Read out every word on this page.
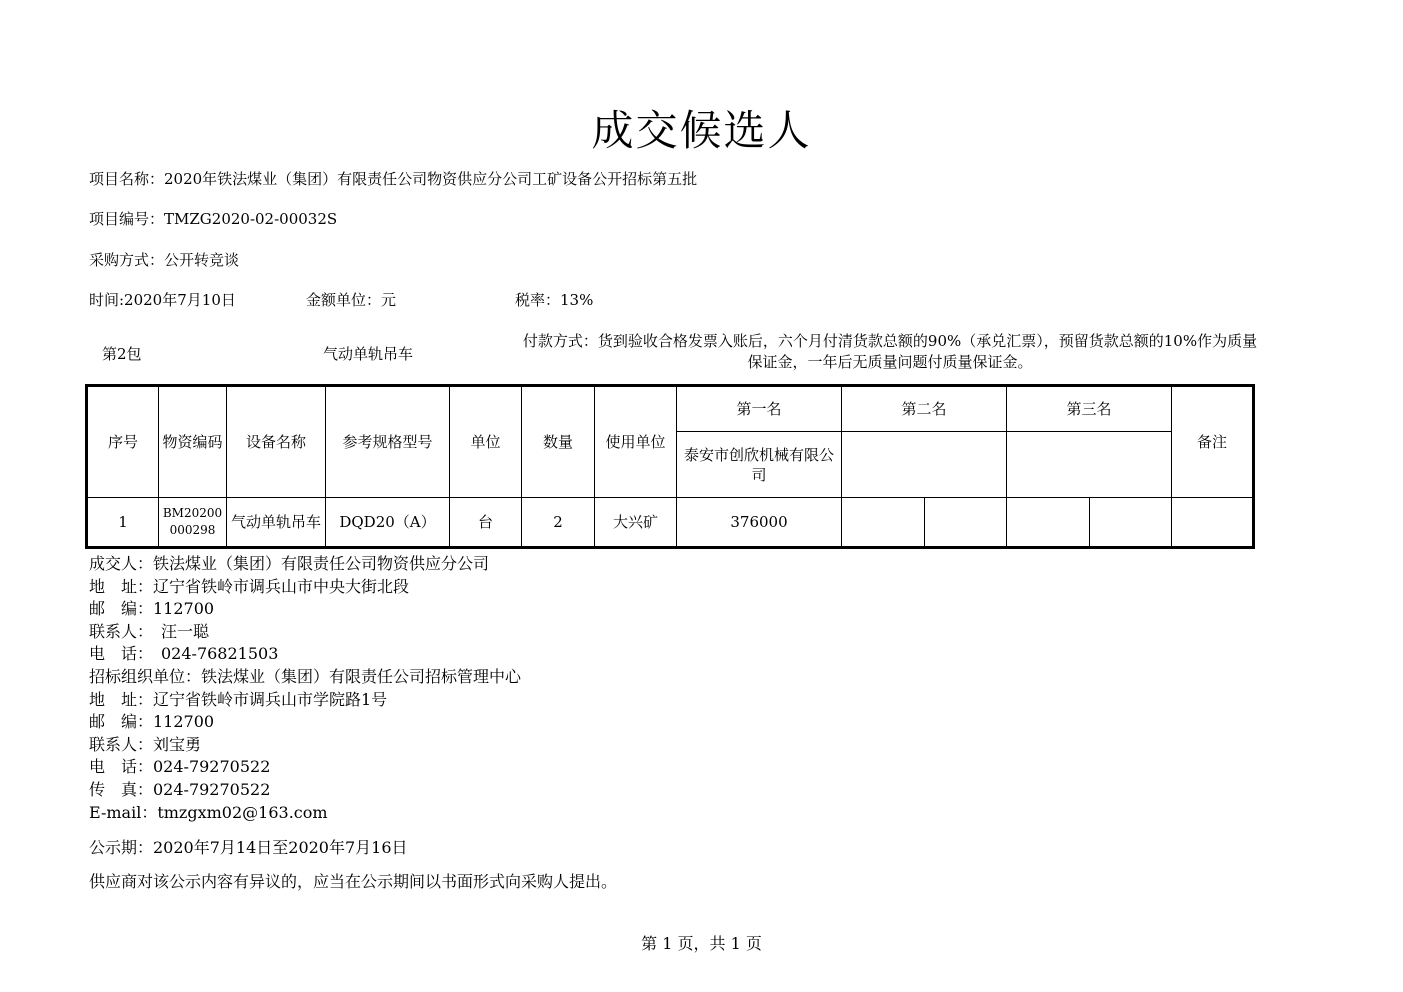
成交候选人
项目名称：2020年铁法煤业（集团）有限责任公司物资供应分公司工矿设备公开招标第五批
项目编号：TMZG2020-02-00032S
采购方式：公开转竞谈
时间:2020年7月10日	金额单位：元	税率：13%
第2包	气动单轨吊车
付款方式：货到验收合格发票入账后，六个月付清货款总额的90%（承兑汇票），预留货款总额的10%作为质量保证金，一年后无质量问题付质量保证金。
序号	物资编码	设备名称	参考规格型号	单位	数量	使用单位	第一名	第二名		第三名		备注
							泰安市创欣机械有限公司					
1	BM20200000298	气动单轨吊车	DQD20（A）	台	2	大兴矿	376000					
成交人：铁法煤业（集团）有限责任公司物资供应分公司
地　址：辽宁省铁岭市调兵山市中央大街北段
邮　编：112700
联系人：　汪一聪
电　话：　024-76821503
招标组织单位：铁法煤业（集团）有限责任公司招标管理中心
地　址：辽宁省铁岭市调兵山市学院路1号
邮　编：112700
联系人：刘宝勇
电　话：024-79270522
传　真：024-79270522
E-mail：tmzgxm02@163.com
公示期：2020年7月14日至2020年7月16日
供应商对该公示内容有异议的，应当在公示期间以书面形式向采购人提出。
第 1 页，共 1 页
